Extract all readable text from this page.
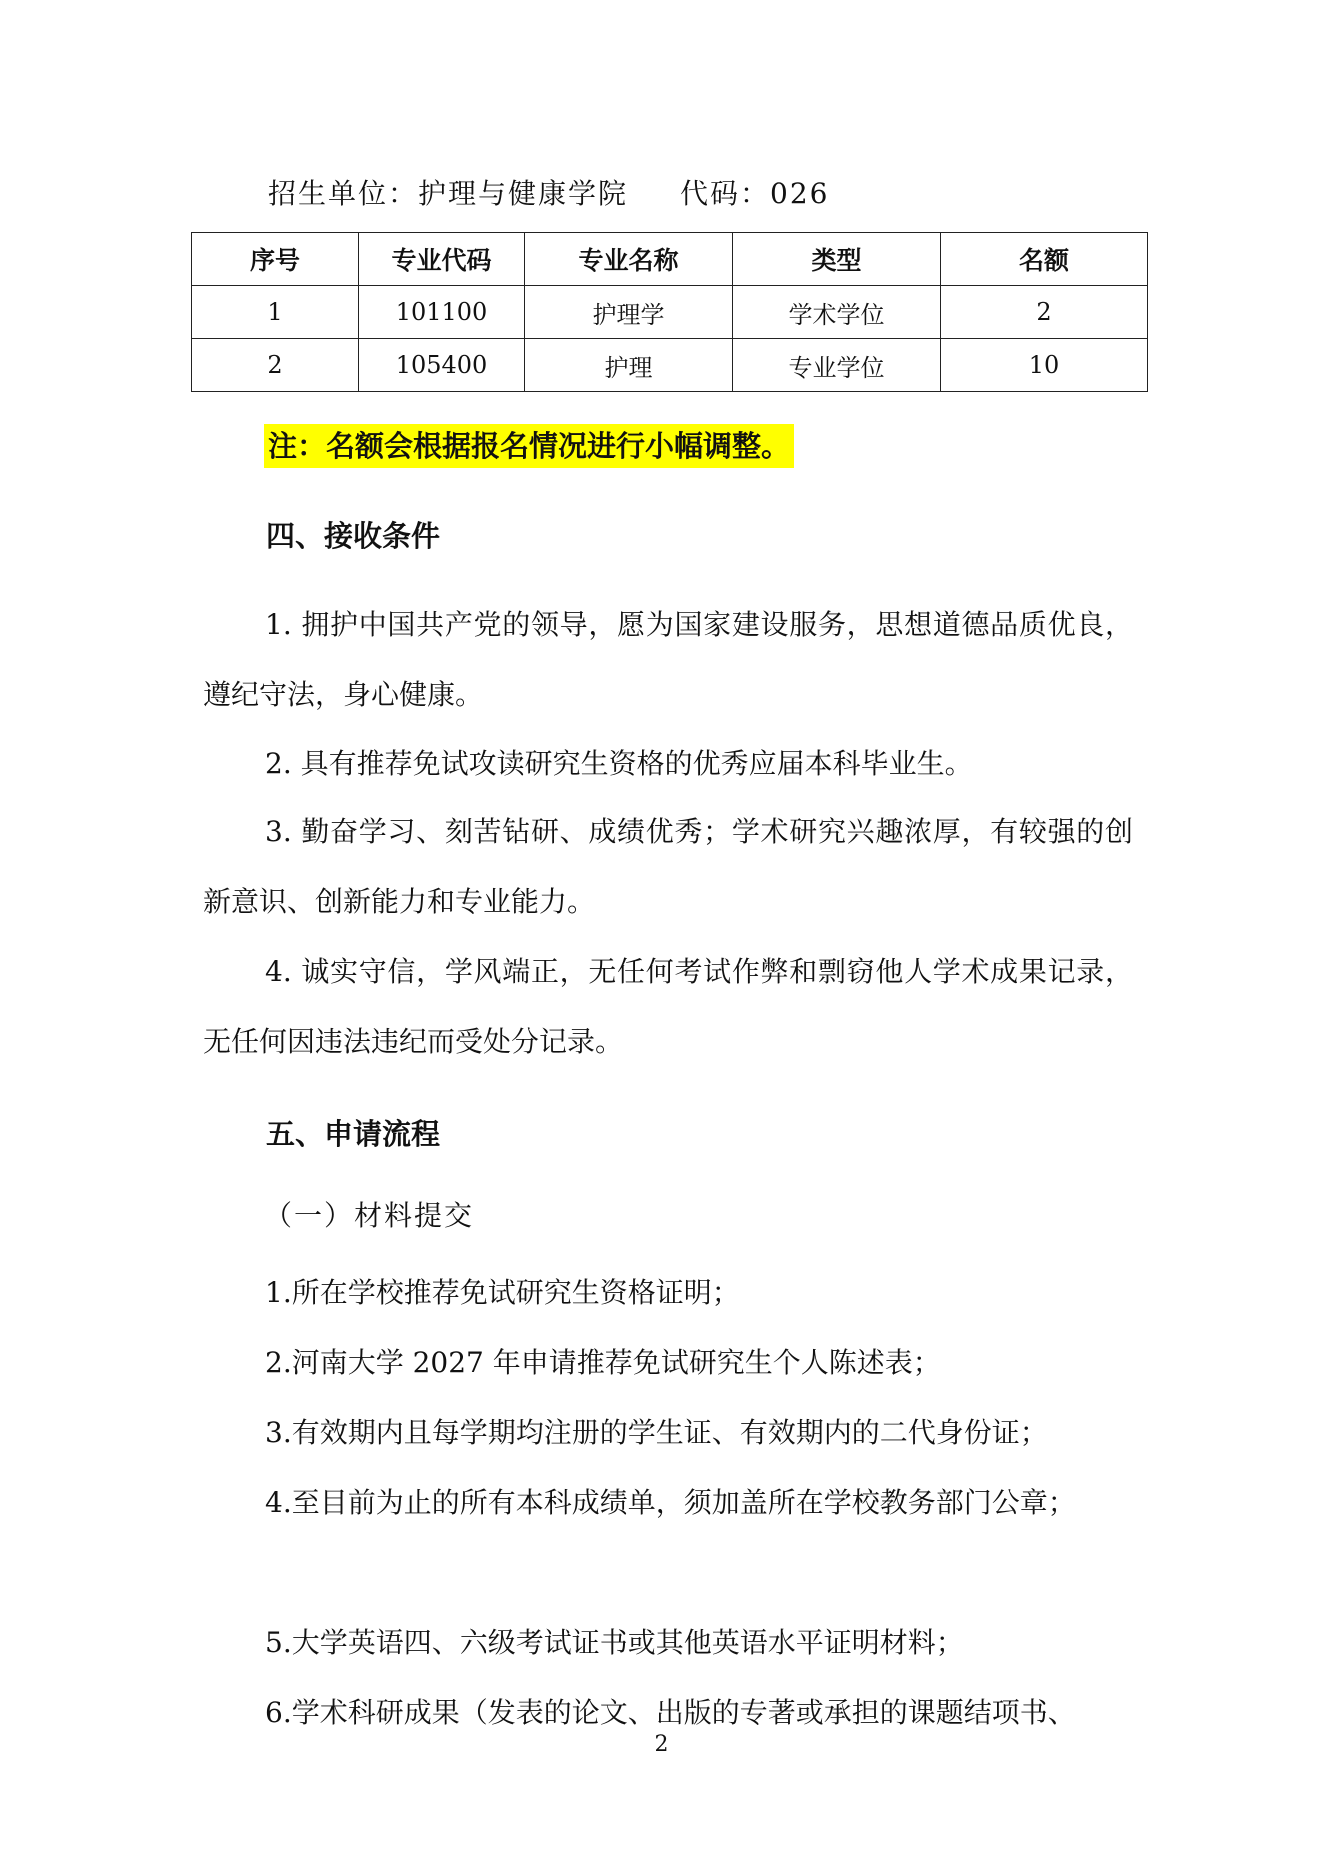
招生单位：护理与健康学院 代码：026
序号	专业代码	专业名称	类型	名额
1	101100	护理学	学术学位	2
2	105400	护理	专业学位	10
注：名额会根据报名情况进行小幅调整。
四、接收条件
1. 拥护中国共产党的领导，愿为国家建设服务，思想道德品质优良，遵纪守法，身心健康。
2. 具有推荐免试攻读研究生资格的优秀应届本科毕业生。
3. 勤奋学习、刻苦钻研、成绩优秀；学术研究兴趣浓厚，有较强的创新意识、创新能力和专业能力。
4. 诚实守信，学风端正，无任何考试作弊和剽窃他人学术成果记录，无任何因违法违纪而受处分记录。
五、申请流程
（一）材料提交
1.所在学校推荐免试研究生资格证明；
2.河南大学 2027 年申请推荐免试研究生个人陈述表；
3.有效期内且每学期均注册的学生证、有效期内的二代身份证；
4.至目前为止的所有本科成绩单，须加盖所在学校教务部门公章；
5.大学英语四、六级考试证书或其他英语水平证明材料；
6.学术科研成果（发表的论文、出版的专著或承担的课题结项书、
2
